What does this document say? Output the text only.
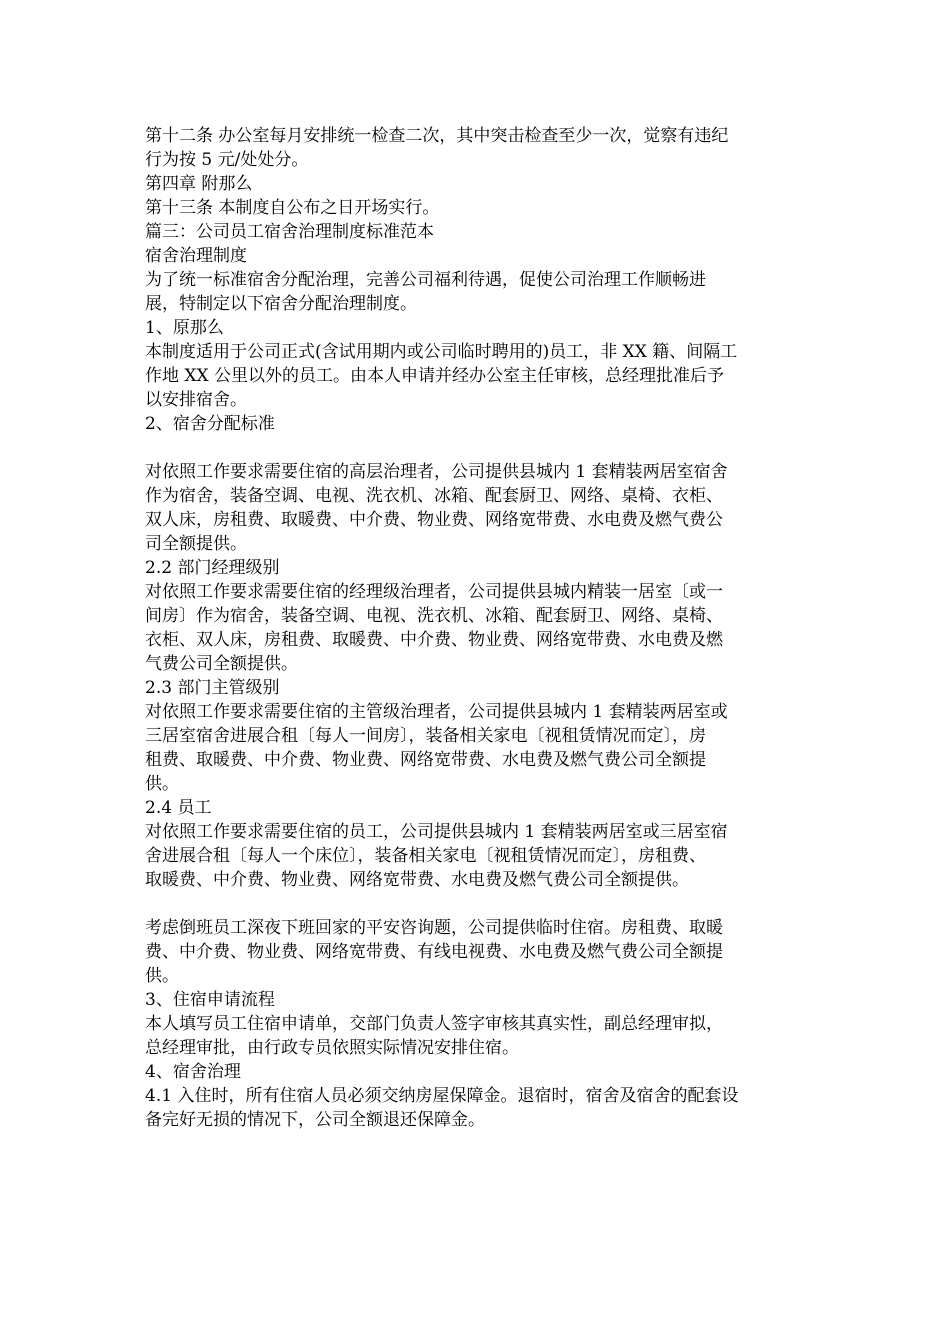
第十二条 办公室每月安排统一检查二次，其中突击检查至少一次，觉察有违纪
行为按 5 元/处处分。
第四章 附那么
第十三条 本制度自公布之日开场实行。
篇三：公司员工宿舍治理制度标准范本
宿舍治理制度
为了统一标准宿舍分配治理，完善公司福利待遇，促使公司治理工作顺畅进
展，特制定以下宿舍分配治理制度。
1、原那么
本制度适用于公司正式(含试用期内或公司临时聘用的)员工，非 XX 籍、间隔工
作地 XX 公里以外的员工。由本人申请并经办公室主任审核，总经理批准后予
以安排宿舍。
2、宿舍分配标准
对依照工作要求需要住宿的高层治理者，公司提供县城内 1 套精装两居室宿舍
作为宿舍，装备空调、电视、洗衣机、冰箱、配套厨卫、网络、桌椅、衣柜、
双人床，房租费、取暖费、中介费、物业费、网络宽带费、水电费及燃气费公
司全额提供。
2.2 部门经理级别
对依照工作要求需要住宿的经理级治理者，公司提供县城内精装一居室〔或一
间房〕作为宿舍，装备空调、电视、洗衣机、冰箱、配套厨卫、网络、桌椅、
衣柜、双人床，房租费、取暖费、中介费、物业费、网络宽带费、水电费及燃
气费公司全额提供。
2.3 部门主管级别
对依照工作要求需要住宿的主管级治理者，公司提供县城内 1 套精装两居室或
三居室宿舍进展合租〔每人一间房〕，装备相关家电〔视租赁情况而定〕，房
租费、取暖费、中介费、物业费、网络宽带费、水电费及燃气费公司全额提
供。
2.4 员工
对依照工作要求需要住宿的员工，公司提供县城内 1 套精装两居室或三居室宿
舍进展合租〔每人一个床位〕，装备相关家电〔视租赁情况而定〕，房租费、
取暖费、中介费、物业费、网络宽带费、水电费及燃气费公司全额提供。
考虑倒班员工深夜下班回家的平安咨询题，公司提供临时住宿。房租费、取暖
费、中介费、物业费、网络宽带费、有线电视费、水电费及燃气费公司全额提
供。
3、住宿申请流程
本人填写员工住宿申请单，交部门负责人签字审核其真实性，副总经理审拟，
总经理审批，由行政专员依照实际情况安排住宿。
4、宿舍治理
4.1 入住时，所有住宿人员必须交纳房屋保障金。退宿时，宿舍及宿舍的配套设
备完好无损的情况下，公司全额退还保障金。
